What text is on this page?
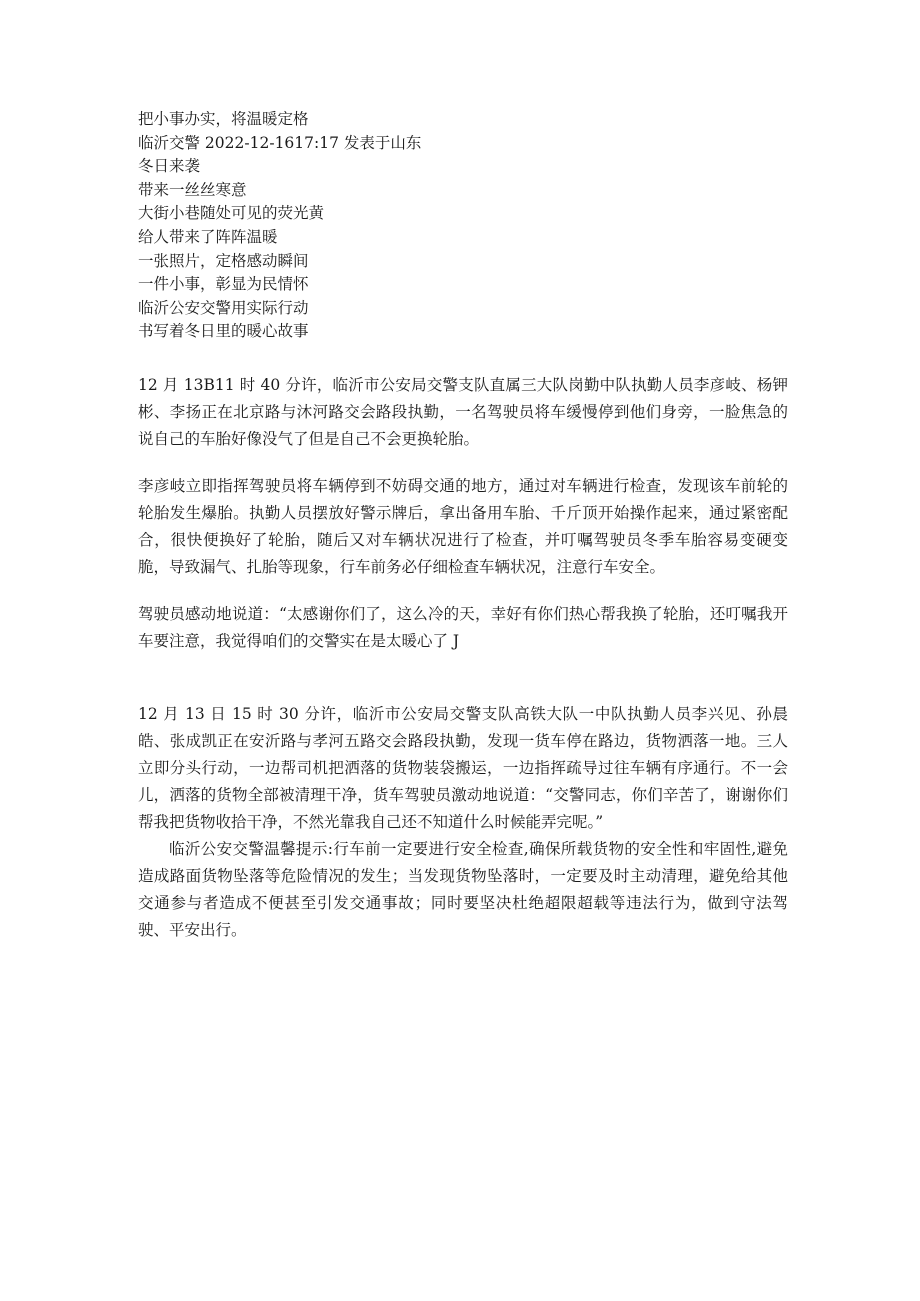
把小事办实，将温暖定格
临沂交警 2022-12-1617:17 发表于山东
冬日来袭
带来一丝丝寒意
大街小巷随处可见的荧光黄
给人带来了阵阵温暖
一张照片，定格感动瞬间
一件小事，彰显为民情怀
临沂公安交警用实际行动
书写着冬日里的暖心故事

12 月 13B11 时 40 分许，临沂市公安局交警支队直属三大队岗勤中队执勤人员李彦岐、杨钾彬、李扬正在北京路与沐河路交会路段执勤，一名驾驶员将车缓慢停到他们身旁，一脸焦急的说自己的车胎好像没气了但是自己不会更换轮胎。

李彦岐立即指挥驾驶员将车辆停到不妨碍交通的地方，通过对车辆进行检查，发现该车前轮的轮胎发生爆胎。执勤人员摆放好警示牌后，拿出备用车胎、千斤顶开始操作起来，通过紧密配合，很快便换好了轮胎，随后又对车辆状况进行了检查，并叮嘱驾驶员冬季车胎容易变硬变脆，导致漏气、扎胎等现象，行车前务必仔细检查车辆状况，注意行车安全。

驾驶员感动地说道：“太感谢你们了，这么冷的天，幸好有你们热心帮我换了轮胎，还叮嘱我开车要注意，我觉得咱们的交警实在是太暖心了 J

12 月 13 日 15 时 30 分许，临沂市公安局交警支队高铁大队一中队执勤人员李兴见、孙晨皓、张成凯正在安沂路与孝河五路交会路段执勤，发现一货车停在路边，货物洒落一地。三人立即分头行动，一边帮司机把洒落的货物装袋搬运，一边指挥疏导过往车辆有序通行。不一会儿，洒落的货物全部被清理干净，货车驾驶员激动地说道：“交警同志，你们辛苦了，谢谢你们帮我把货物收拾干净，不然光靠我自己还不知道什么时候能弄完呢。”

临沂公安交警温馨提示:行车前一定要进行安全检查,确保所载货物的安全性和牢固性,避免造成路面货物坠落等危险情况的发生；当发现货物坠落时，一定要及时主动清理，避免给其他交通参与者造成不便甚至引发交通事故；同时要坚决杜绝超限超载等违法行为，做到守法驾驶、平安出行。
